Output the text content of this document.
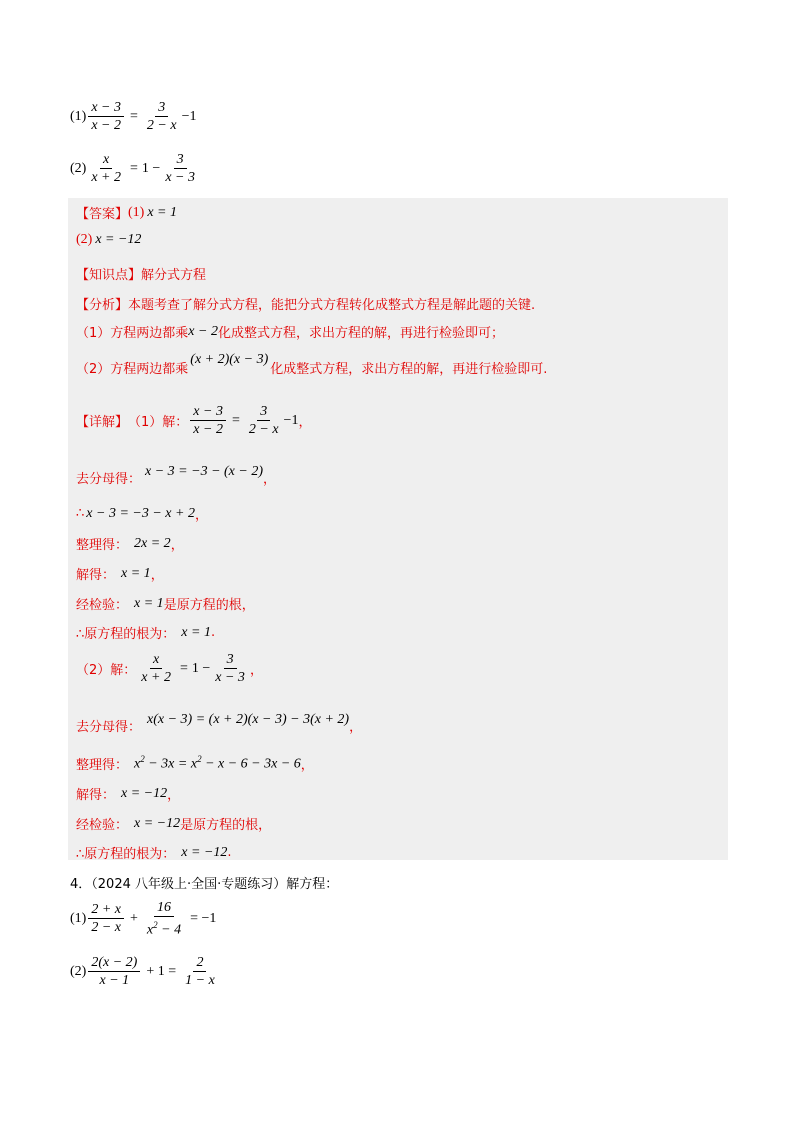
$(1) \frac{x - 3}{x - 2} = \frac{3}{2 - x} -1$
$(2) \frac{x}{x + 2} = 1 - \frac{3}{x - 3}$
【答案】 (1) x = 1
(2) x = −12
【知识点】 解分式方程
【分析】 本题考查了解分式方程，能把分式方程转化成整式方程是解此题的关键.
（1）方程两边都乘 x − 2 化成整式方程，求出方程的解，再进行检验即可；
（2）方程两边都乘
(x + 2)(x − 3)
化成整式方程，求出方程的解，再进行检验即可.
【详解】 （1）解： $\frac{x - 3}{x - 2} = \frac{3}{2 - x} -1$ ，
去分母得：
x − 3 = −3 − (x − 2)
，
∴ x − 3 = −3 − x + 2 ，
整理得： 2x = 2 ，
解得： x = 1 ，
经检验： x = 1 是原方程的根，
∴原方程的根为： x = 1 .
（2）解： $\frac{x}{x + 2} = 1 - \frac{3}{x - 3}$ ，
去分母得：
x(x − 3) = (x + 2)(x − 3) − 3(x + 2)
，
整理得： $x^2 - 3x = x^2 - x - 6 - 3x - 6$ ，
解得： x = −12 ，
经检验： x = −12 是原方程的根，
∴原方程的根为： x = −12 .
4．（2024 八年级上·全国·专题练习）解方程：
$(1) \frac{2 + x}{2 - x} + \frac{16}{x^2 - 4} = -1$
$(2) \frac{2(x - 2)}{x - 1} + 1 = \frac{2}{1 - x}$
